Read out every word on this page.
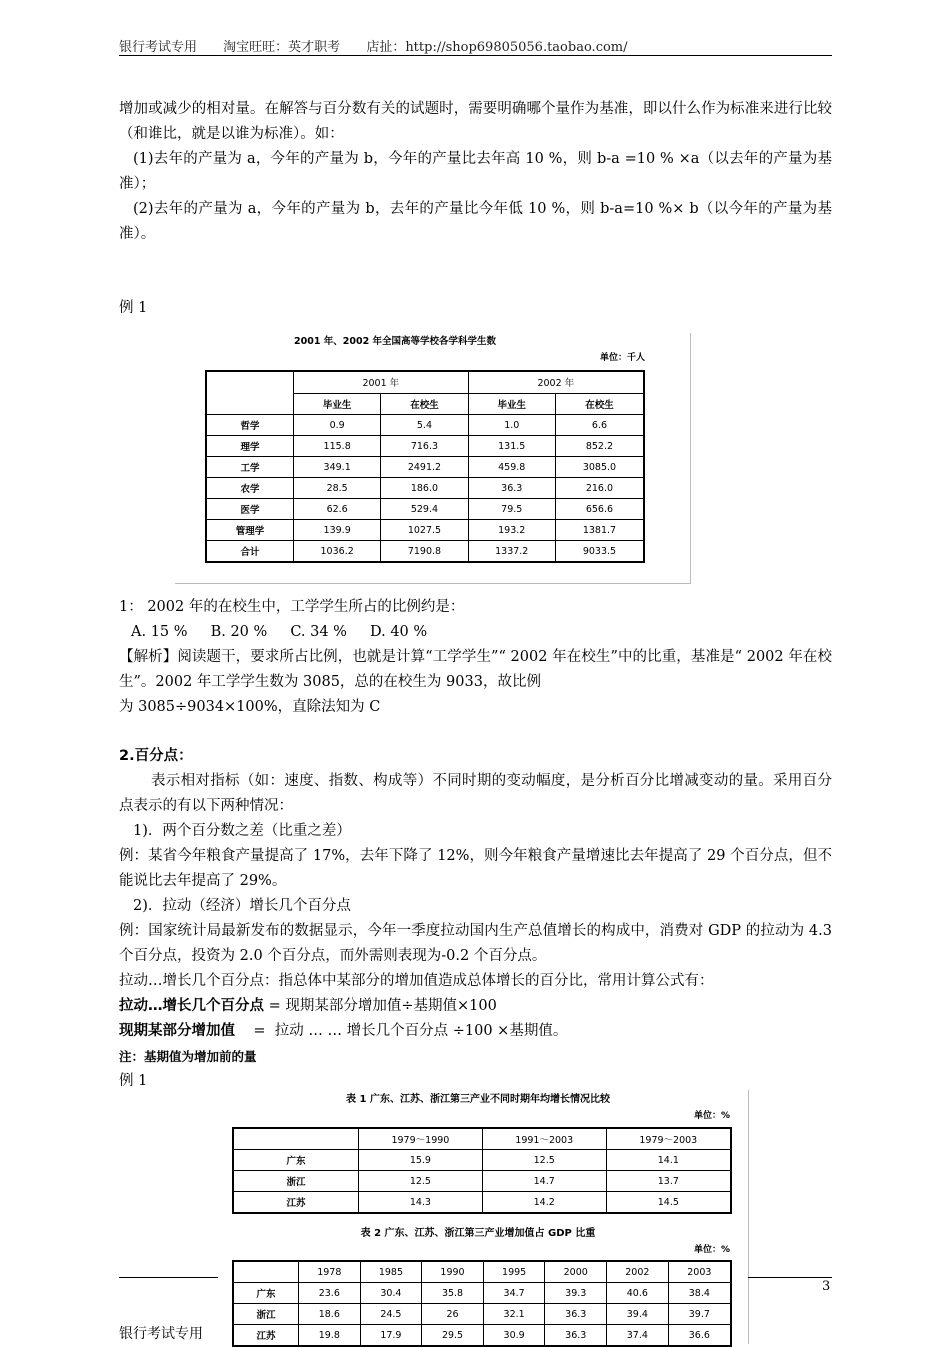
银行考试专用 淘宝旺旺：英才职考 店扯：http://shop69805056.taobao.com/

增加或减少的相对量。在解答与百分数有关的试题时，需要明确哪个量作为基准，即以什么作为标准来进行比较（和谁比，就是以谁为标准）。如：

(1)去年的产量为 a，今年的产量为 b，今年的产量比去年高 10 %，则 b-a =10 % ×a（以去年的产量为基准）；

(2)去年的产量为 a，今年的产量为 b，去年的产量比今年低 10 %，则 b-a=10 %× b（以今年的产量为基准）。

例 1
2001 年、2002 年全国高等学校各学科学生数
单位：千人
	2001 年		2002 年	
	毕业生	在校生	毕业生	在校生
哲学	0.9	5.4	1.0	6.6
理学	115.8	716.3	131.5	852.2
工学	349.1	2491.2	459.8	3085.0
农学	28.5	186.0	36.3	216.0
医学	62.6	529.4	79.5	656.6
管理学	139.9	1027.5	193.2	1381.7
合计	1036.2	7190.8	1337.2	9033.5

1： 2002 年的在校生中，工学学生所占的比例约是：

A. 15 %     B. 20 %     C. 34 %     D. 40 %

【解析】阅读题干，要求所占比例，也就是计算“工学学生”“ 2002 年在校生”中的比重，基准是“ 2002 年在校生”。2002 年工学学生数为 3085，总的在校生为 9033，故比例

为 3085÷9034×100%，直除法知为 C

2.百分点：

表示相对指标（如：速度、指数、构成等）不同时期的变动幅度，是分析百分比增减变动的量。采用百分点表示的有以下两种情况：

1)．两个百分数之差（比重之差）

例：某省今年粮食产量提高了 17%，去年下降了 12%，则今年粮食产量增速比去年提高了 29 个百分点，但不能说比去年提高了 29%。

2)．拉动（经济）增长几个百分点

例：国家统计局最新发布的数据显示，今年一季度拉动国内生产总值增长的构成中，消费对 GDP 的拉动为 4.3 个百分点，投资为 2.0 个百分点，而外需则表现为-0.2 个百分点。

拉动…增长几个百分点：指总体中某部分的增加值造成总体增长的百分比，常用计算公式有：

拉动…增长几个百分点 = 现期某部分增加值÷基期值×100

现期某部分增加值    =  拉动 … … 增长几个百分点 ÷100 ×基期值。

注：基期值为增加前的量

例 1

表 1 广东、江苏、浙江第三产业不同时期年均增长情况比较
单位：%
	1979～1990	1991～2003	1979～2003
广东	15.9	12.5	14.1
浙江	12.5	14.7	13.7
江苏	14.3	14.2	14.5
表 2 广东、江苏、浙江第三产业增加值占 GDP 比重
单位：%
	1978	1985	1990	1995	2000	2002	2003
广东	23.6	30.4	35.8	34.7	39.3	40.6	38.4
浙江	18.6	24.5	26	32.1	36.3	39.4	39.7
江苏	19.8	17.9	29.5	30.9	36.3	37.4	36.6
3
银行考试专用
